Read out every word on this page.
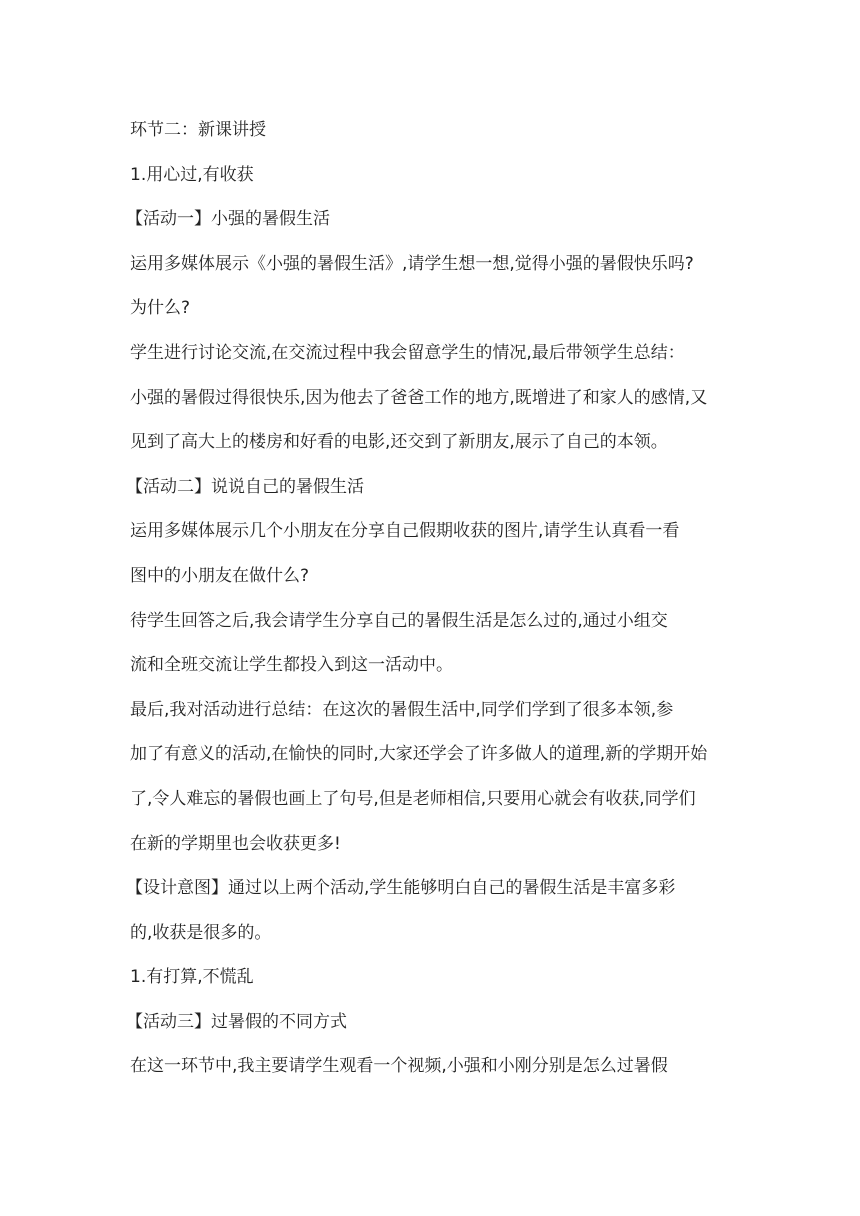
环节二：新课讲授
1.用心过,有收获
【活动一】小强的暑假生活
运用多媒体展示《小强的暑假生活》,请学生想一想,觉得小强的暑假快乐吗?
为什么?
学生进行讨论交流,在交流过程中我会留意学生的情况,最后带领学生总结：
小强的暑假过得很快乐,因为他去了爸爸工作的地方,既增进了和家人的感情,又
见到了高大上的楼房和好看的电影,还交到了新朋友,展示了自己的本领。
【活动二】说说自己的暑假生活
运用多媒体展示几个小朋友在分享自己假期收获的图片,请学生认真看一看
图中的小朋友在做什么?
待学生回答之后,我会请学生分享自己的暑假生活是怎么过的,通过小组交
流和全班交流让学生都投入到这一活动中。
最后,我对活动进行总结：在这次的暑假生活中,同学们学到了很多本领,参
加了有意义的活动,在愉快的同时,大家还学会了许多做人的道理,新的学期开始
了,令人难忘的暑假也画上了句号,但是老师相信,只要用心就会有收获,同学们
在新的学期里也会收获更多!
【设计意图】通过以上两个活动,学生能够明白自己的暑假生活是丰富多彩
的,收获是很多的。
1.有打算,不慌乱
【活动三】过暑假的不同方式
在这一环节中,我主要请学生观看一个视频,小强和小刚分别是怎么过暑假
